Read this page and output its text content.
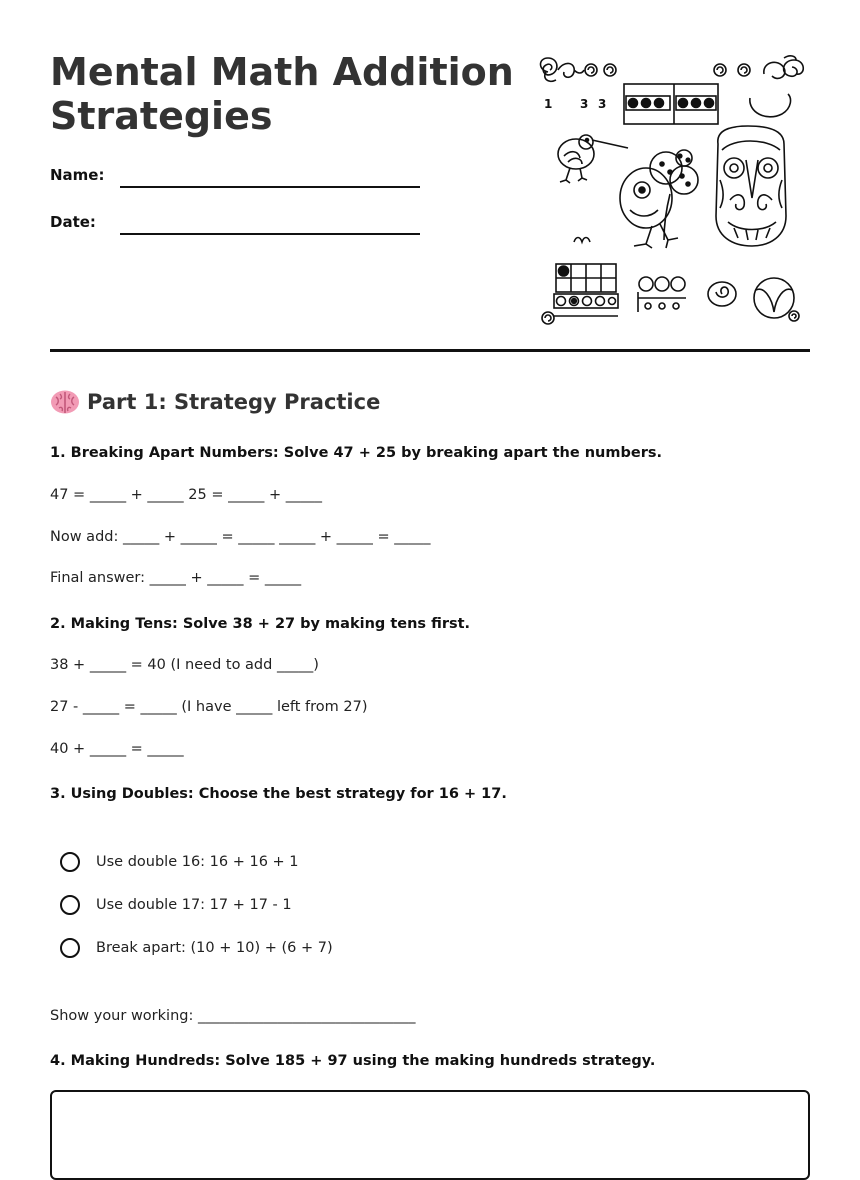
Mental Math Addition
Strategies
Name:
Date:
1 3 3
Part 1: Strategy Practice
1. Breaking Apart Numbers: Solve 47 + 25 by breaking apart the numbers.
47 = _____ + _____ 25 = _____ + _____
Now add: _____ + _____ = _____ _____ + _____ = _____
Final answer: _____ + _____ = _____
2. Making Tens: Solve 38 + 27 by making tens first.
38 + _____ = 40 (I need to add _____)
27 - _____ = _____ (I have _____ left from 27)
40 + _____ = _____
3. Using Doubles: Choose the best strategy for 16 + 17.
Use double 16: 16 + 16 + 1
Use double 17: 17 + 17 - 1
Break apart: (10 + 10) + (6 + 7)
Show your working: ______________________________
4. Making Hundreds: Solve 185 + 97 using the making hundreds strategy.
